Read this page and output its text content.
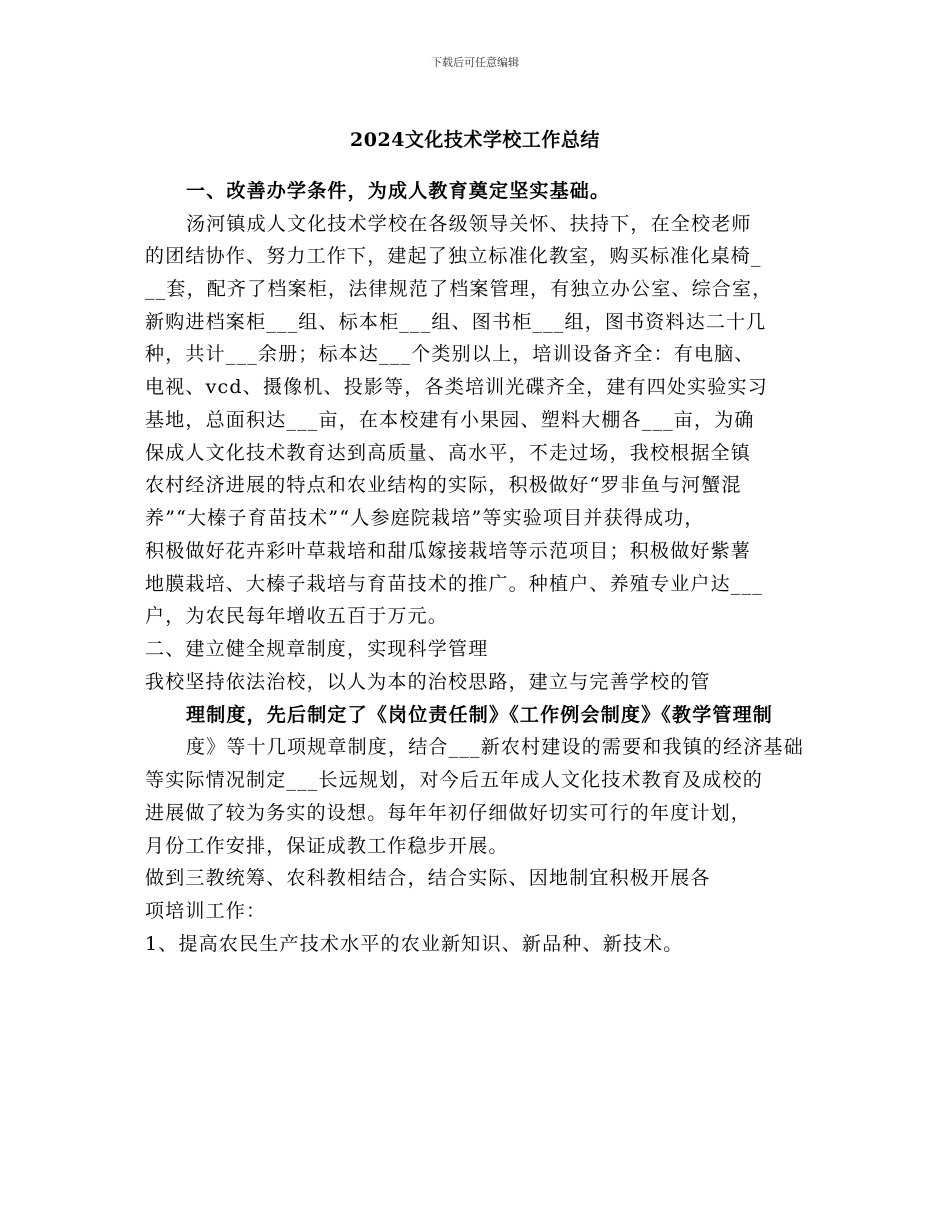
下载后可任意编辑
2024文化技术学校工作总结
一、改善办学条件，为成人教育奠定坚实基础。
汤河镇成人文化技术学校在各级领导关怀、扶持下，在全校老师
的团结协作、努力工作下，建起了独立标准化教室，购买标准化桌椅_
__套，配齐了档案柜，法律规范了档案管理，有独立办公室、综合室，
新购进档案柜___组、标本柜___组、图书柜___组，图书资料达二十几
种，共计___余册；标本达___个类别以上，培训设备齐全：有电脑、
电视、vcd、摄像机、投影等，各类培训光碟齐全，建有四处实验实习
基地，总面积达___亩，在本校建有小果园、塑料大棚各___亩，为确
保成人文化技术教育达到高质量、高水平，不走过场，我校根据全镇
农村经济进展的特点和农业结构的实际，积极做好“罗非鱼与河蟹混
养”“大榛子育苗技术”“人参庭院栽培”等实验项目并获得成功，
积极做好花卉彩叶草栽培和甜瓜嫁接栽培等示范项目；积极做好紫薯
地膜栽培、大榛子栽培与育苗技术的推广。种植户、养殖专业户达___
户，为农民每年增收五百于万元。
二、建立健全规章制度，实现科学管理
我校坚持依法治校，以人为本的治校思路，建立与完善学校的管
理制度，先后制定了《岗位责任制》《工作例会制度》《教学管理制
度》等十几项规章制度，结合___新农村建设的需要和我镇的经济基础
等实际情况制定___长远规划，对今后五年成人文化技术教育及成校的
进展做了较为务实的设想。每年年初仔细做好切实可行的年度计划，
月份工作安排，保证成教工作稳步开展。
做到三教统筹、农科教相结合，结合实际、因地制宜积极开展各
项培训工作：
1、提高农民生产技术水平的农业新知识、新品种、新技术。
